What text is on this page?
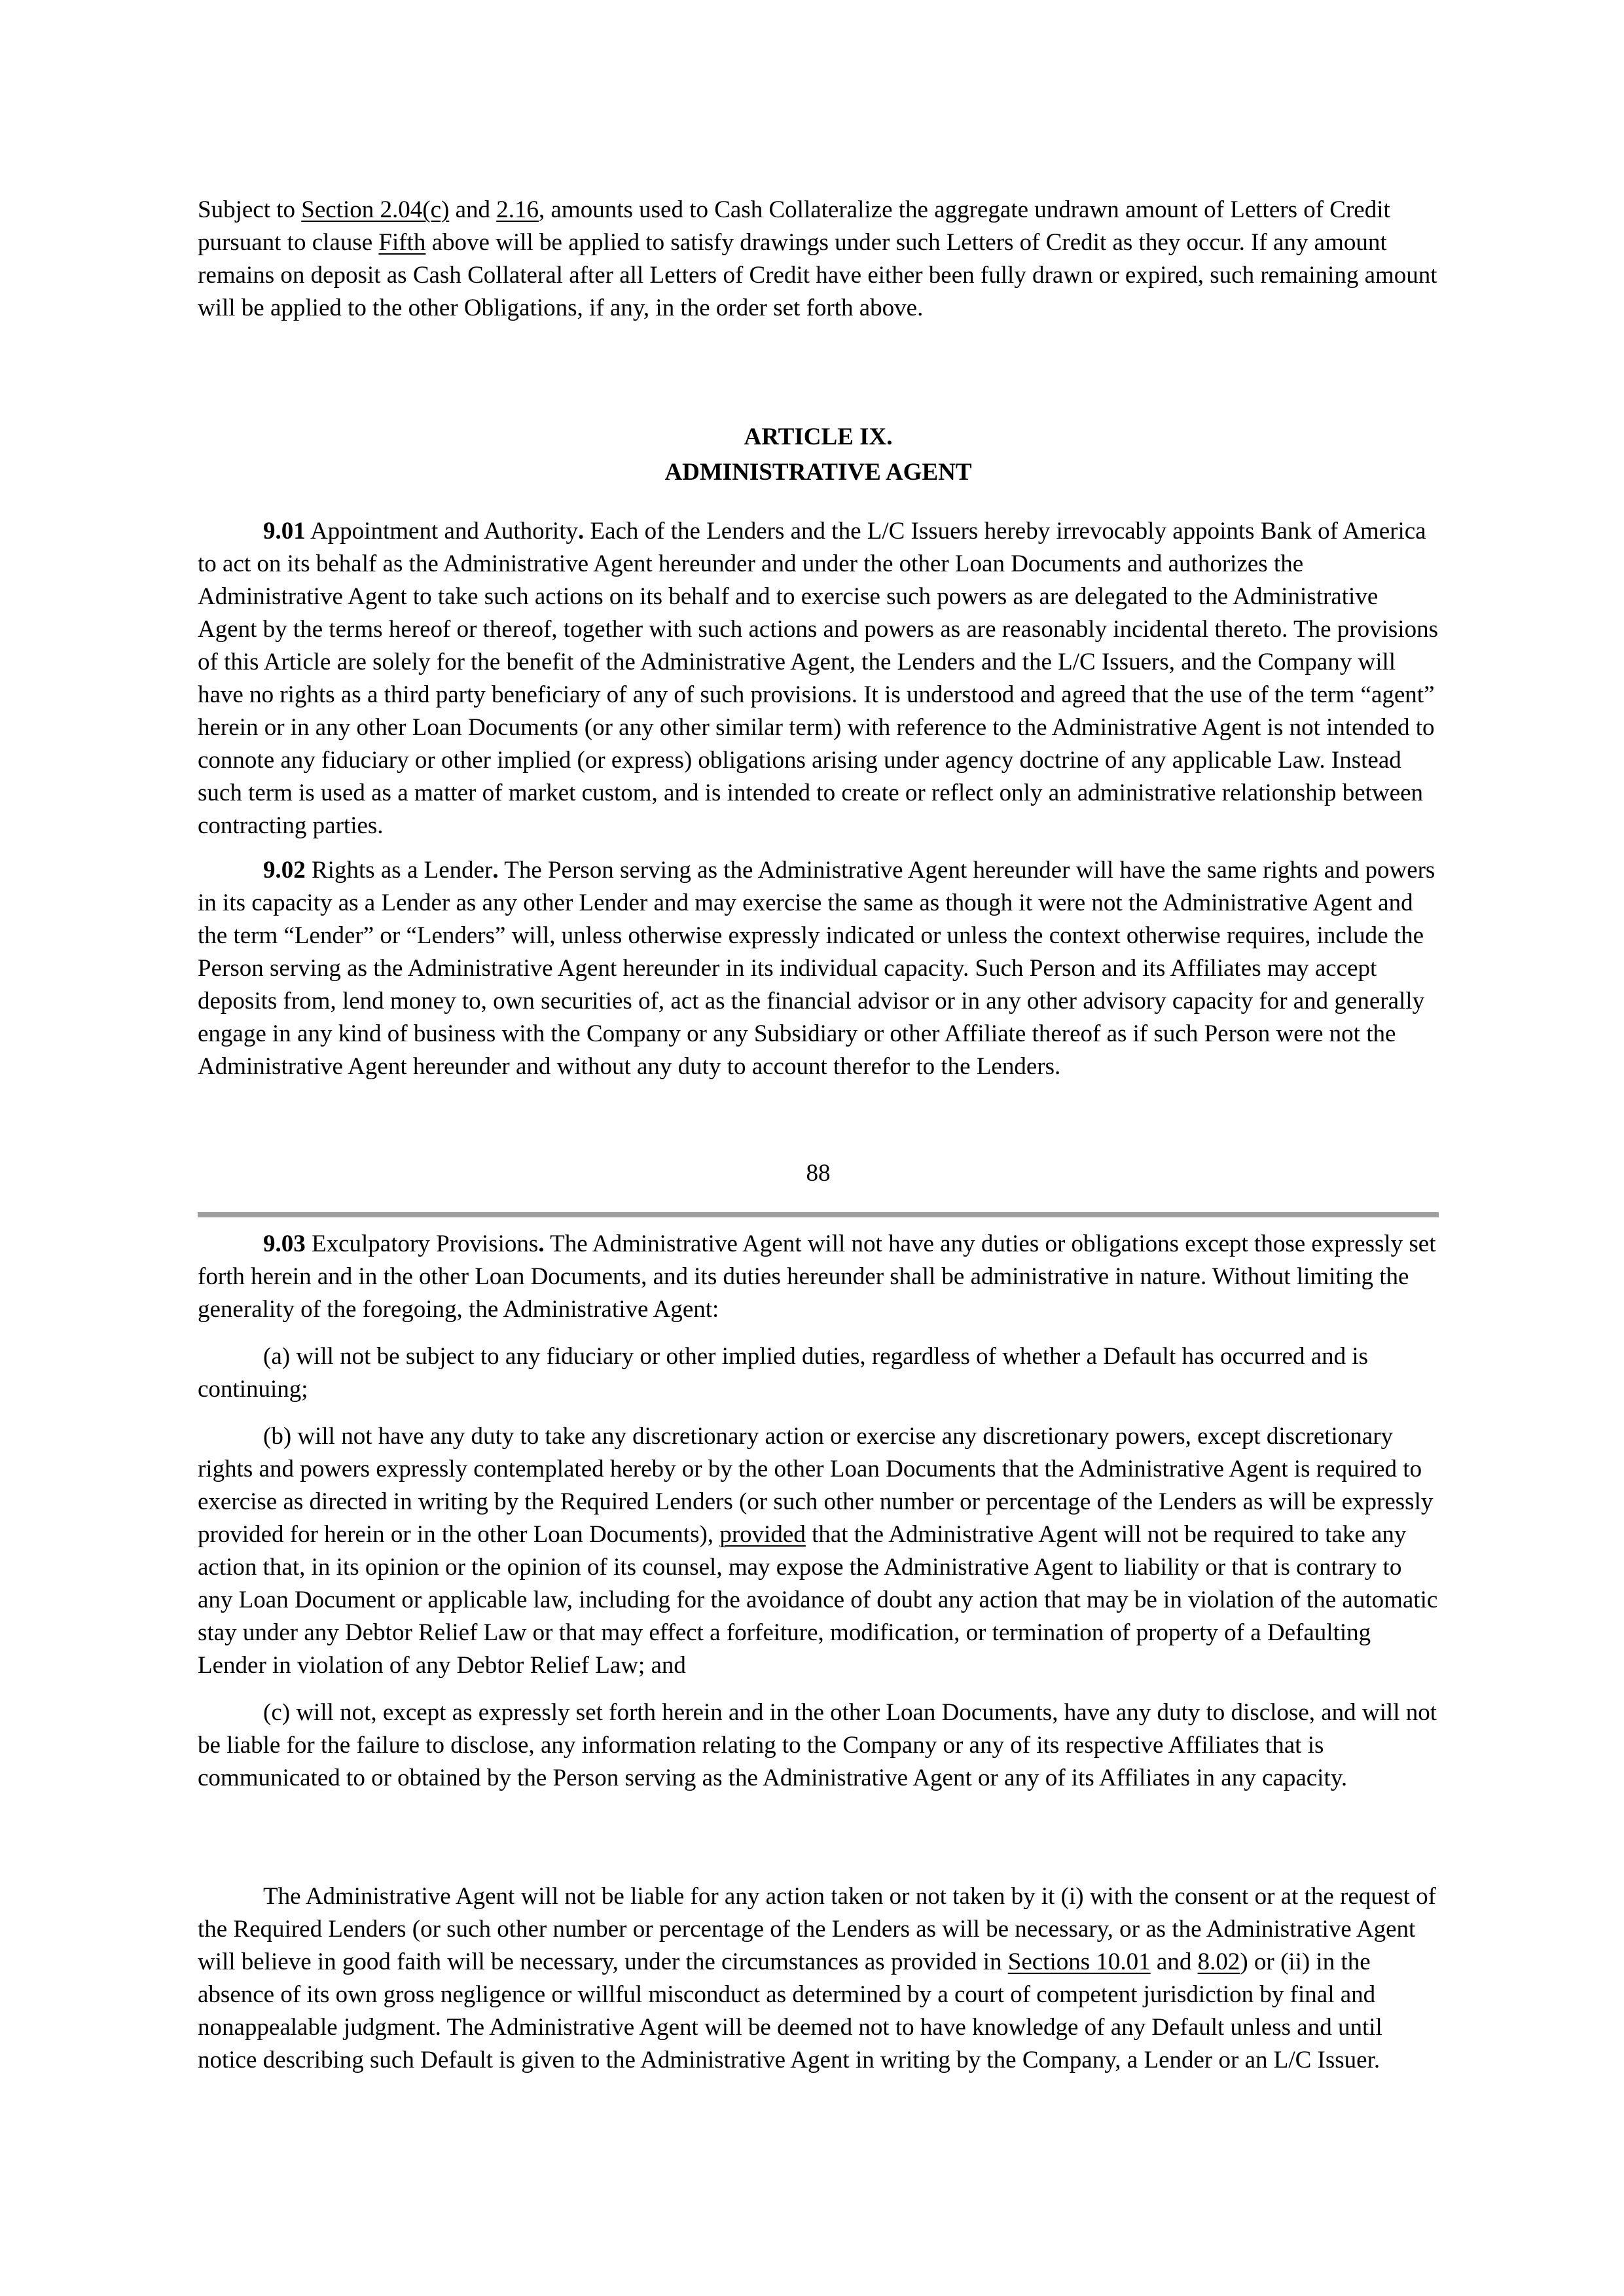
Subject to Section 2.04(c) and 2.16, amounts used to Cash Collateralize the aggregate undrawn amount of Letters of Credit pursuant to clause Fifth above will be applied to satisfy drawings under such Letters of Credit as they occur. If any amount remains on deposit as Cash Collateral after all Letters of Credit have either been fully drawn or expired, such remaining amount will be applied to the other Obligations, if any, in the order set forth above.

ARTICLE IX.

ADMINISTRATIVE AGENT

9.01 Appointment and Authority. Each of the Lenders and the L/C Issuers hereby irrevocably appoints Bank of America to act on its behalf as the Administrative Agent hereunder and under the other Loan Documents and authorizes the Administrative Agent to take such actions on its behalf and to exercise such powers as are delegated to the Administrative Agent by the terms hereof or thereof, together with such actions and powers as are reasonably incidental thereto. The provisions of this Article are solely for the benefit of the Administrative Agent, the Lenders and the L/C Issuers, and the Company will have no rights as a third party beneficiary of any of such provisions. It is understood and agreed that the use of the term “agent” herein or in any other Loan Documents (or any other similar term) with reference to the Administrative Agent is not intended to connote any fiduciary or other implied (or express) obligations arising under agency doctrine of any applicable Law. Instead such term is used as a matter of market custom, and is intended to create or reflect only an administrative relationship between contracting parties.

9.02 Rights as a Lender. The Person serving as the Administrative Agent hereunder will have the same rights and powers in its capacity as a Lender as any other Lender and may exercise the same as though it were not the Administrative Agent and the term “Lender” or “Lenders” will, unless otherwise expressly indicated or unless the context otherwise requires, include the Person serving as the Administrative Agent hereunder in its individual capacity. Such Person and its Affiliates may accept deposits from, lend money to, own securities of, act as the financial advisor or in any other advisory capacity for and generally engage in any kind of business with the Company or any Subsidiary or other Affiliate thereof as if such Person were not the Administrative Agent hereunder and without any duty to account therefor to the Lenders.

88

9.03 Exculpatory Provisions. The Administrative Agent will not have any duties or obligations except those expressly set forth herein and in the other Loan Documents, and its duties hereunder shall be administrative in nature. Without limiting the generality of the foregoing, the Administrative Agent:

(a) will not be subject to any fiduciary or other implied duties, regardless of whether a Default has occurred and is continuing;

(b) will not have any duty to take any discretionary action or exercise any discretionary powers, except discretionary rights and powers expressly contemplated hereby or by the other Loan Documents that the Administrative Agent is required to exercise as directed in writing by the Required Lenders (or such other number or percentage of the Lenders as will be expressly provided for herein or in the other Loan Documents), provided that the Administrative Agent will not be required to take any action that, in its opinion or the opinion of its counsel, may expose the Administrative Agent to liability or that is contrary to any Loan Document or applicable law, including for the avoidance of doubt any action that may be in violation of the automatic stay under any Debtor Relief Law or that may effect a forfeiture, modification, or termination of property of a Defaulting Lender in violation of any Debtor Relief Law; and

(c) will not, except as expressly set forth herein and in the other Loan Documents, have any duty to disclose, and will not be liable for the failure to disclose, any information relating to the Company or any of its respective Affiliates that is communicated to or obtained by the Person serving as the Administrative Agent or any of its Affiliates in any capacity.

The Administrative Agent will not be liable for any action taken or not taken by it (i) with the consent or at the request of the Required Lenders (or such other number or percentage of the Lenders as will be necessary, or as the Administrative Agent will believe in good faith will be necessary, under the circumstances as provided in Sections 10.01 and 8.02) or (ii) in the absence of its own gross negligence or willful misconduct as determined by a court of competent jurisdiction by final and nonappealable judgment. The Administrative Agent will be deemed not to have knowledge of any Default unless and until notice describing such Default is given to the Administrative Agent in writing by the Company, a Lender or an L/C Issuer.
